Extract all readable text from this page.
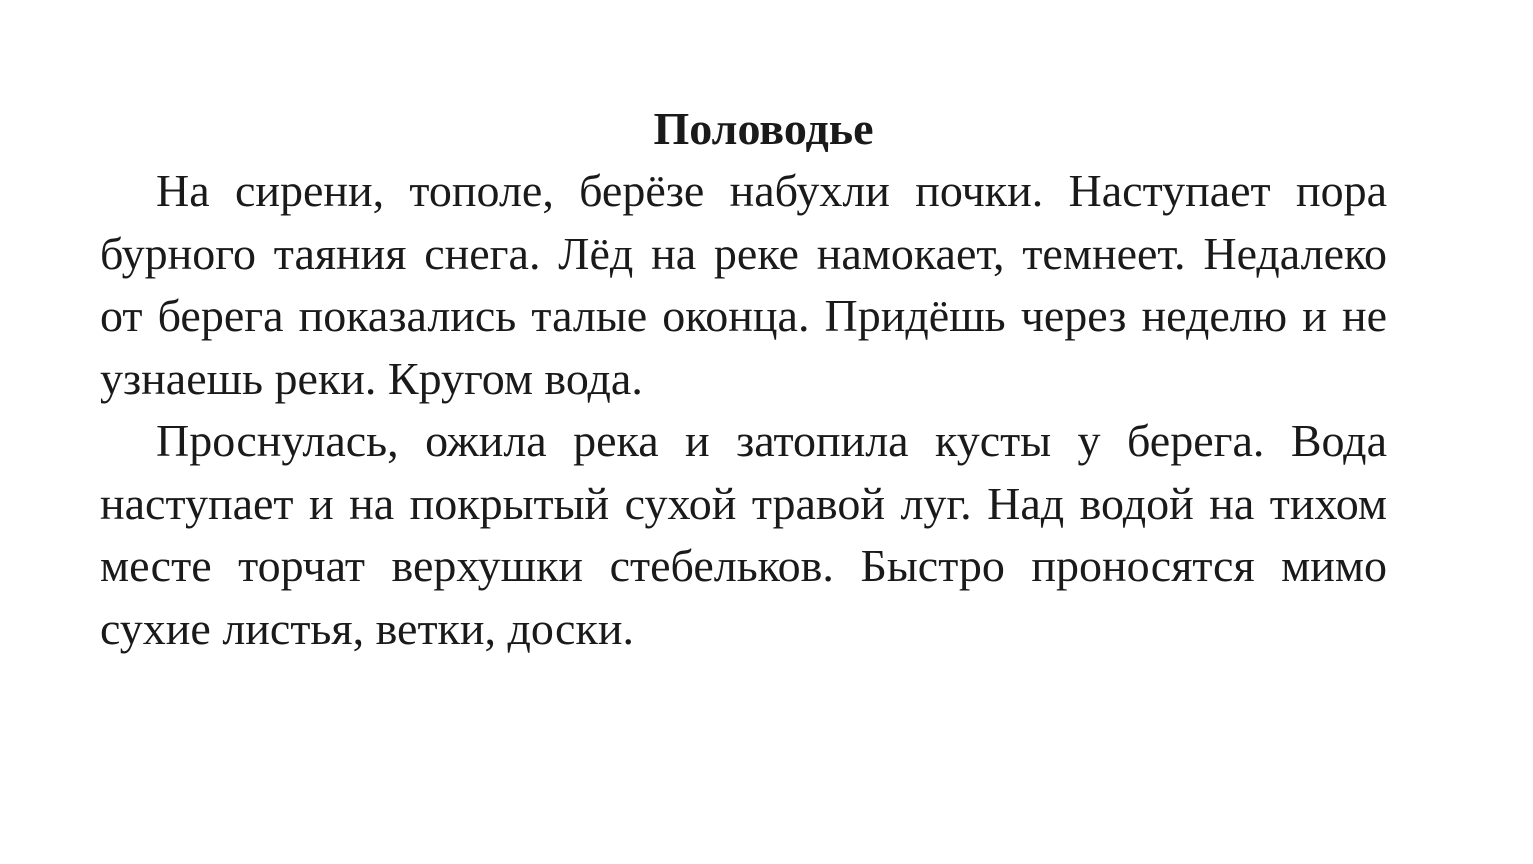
Половодье

На сирени, тополе, берёзе набухли почки. Наступает пора бурного таяния снега. Лёд на реке намокает, темнеет. Недалеко от берега показались талые оконца. Придёшь через неделю и не узнаешь реки. Кругом вода.

Проснулась, ожила река и затопила кусты у берега. Вода наступает и на покрытый сухой травой луг. Над водой на тихом месте торчат верхушки стебельков. Быстро проносятся мимо сухие листья, ветки, доски.
